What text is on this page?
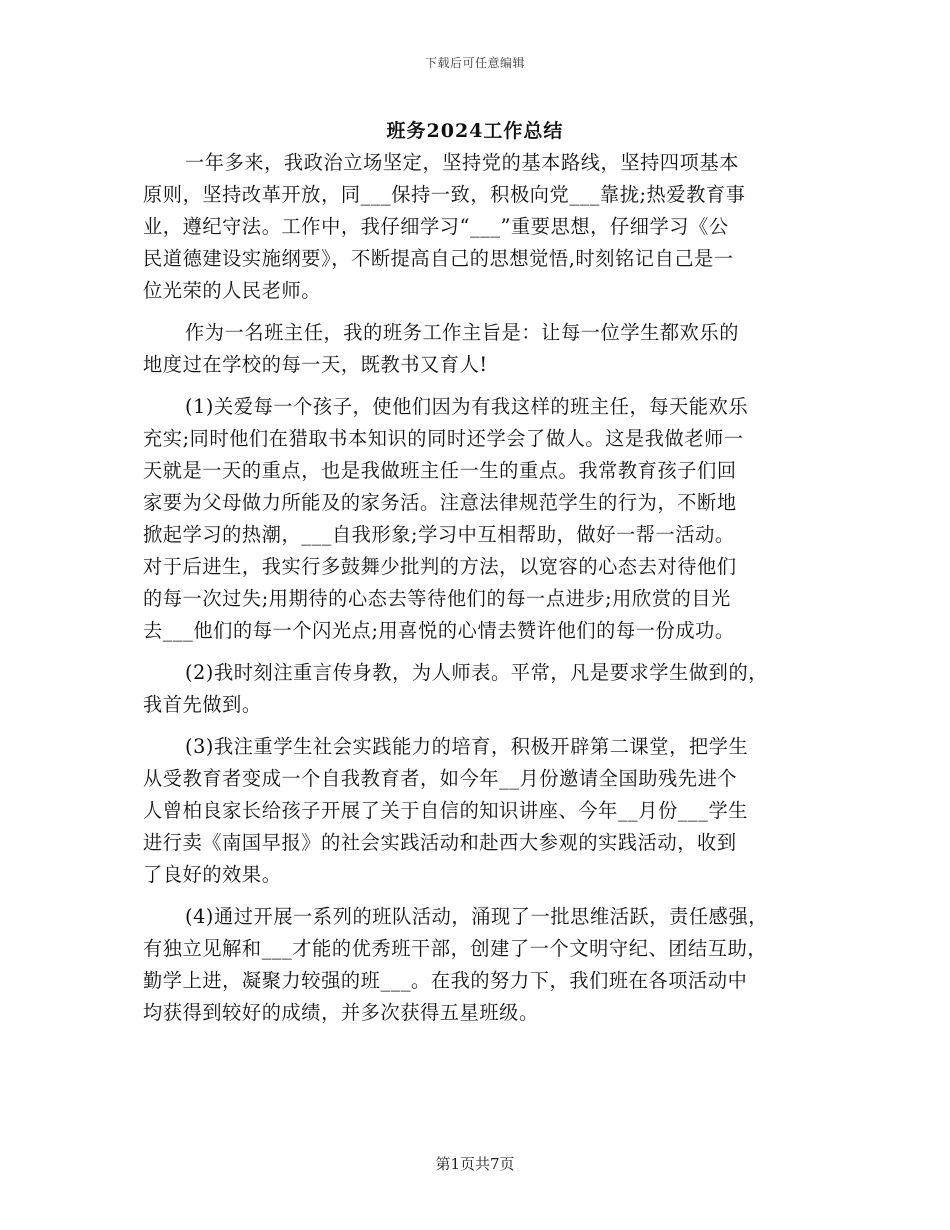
下载后可任意编辑
班务2024工作总结
一年多来，我政治立场坚定，坚持党的基本路线，坚持四项基本
原则，坚持改革开放，同___保持一致，积极向党___靠拢;热爱教育事
业，遵纪守法。工作中，我仔细学习“___”重要思想，仔细学习《公
民道德建设实施纲要》，不断提高自己的思想觉悟,时刻铭记自己是一
位光荣的人民老师。
作为一名班主任，我的班务工作主旨是：让每一位学生都欢乐的
地度过在学校的每一天，既教书又育人!
(1)关爱每一个孩子，使他们因为有我这样的班主任，每天能欢乐
充实;同时他们在猎取书本知识的同时还学会了做人。这是我做老师一
天就是一天的重点，也是我做班主任一生的重点。我常教育孩子们回
家要为父母做力所能及的家务活。注意法律规范学生的行为，不断地
掀起学习的热潮，___自我形象;学习中互相帮助，做好一帮一活动。
对于后进生，我实行多鼓舞少批判的方法，以宽容的心态去对待他们
的每一次过失;用期待的心态去等待他们的每一点进步;用欣赏的目光
去___他们的每一个闪光点;用喜悦的心情去赞许他们的每一份成功。
(2)我时刻注重言传身教，为人师表。平常，凡是要求学生做到的，
我首先做到。
(3)我注重学生社会实践能力的培育，积极开辟第二课堂，把学生
从受教育者变成一个自我教育者，如今年__月份邀请全国助残先进个
人曾柏良家长给孩子开展了关于自信的知识讲座、今年__月份___学生
进行卖《南国早报》的社会实践活动和赴西大参观的实践活动，收到
了良好的效果。
(4)通过开展一系列的班队活动，涌现了一批思维活跃，责任感强，
有独立见解和___才能的优秀班干部，创建了一个文明守纪、团结互助，
勤学上进，凝聚力较强的班___。在我的努力下，我们班在各项活动中
均获得到较好的成绩，并多次获得五星班级。
第1页共7页
